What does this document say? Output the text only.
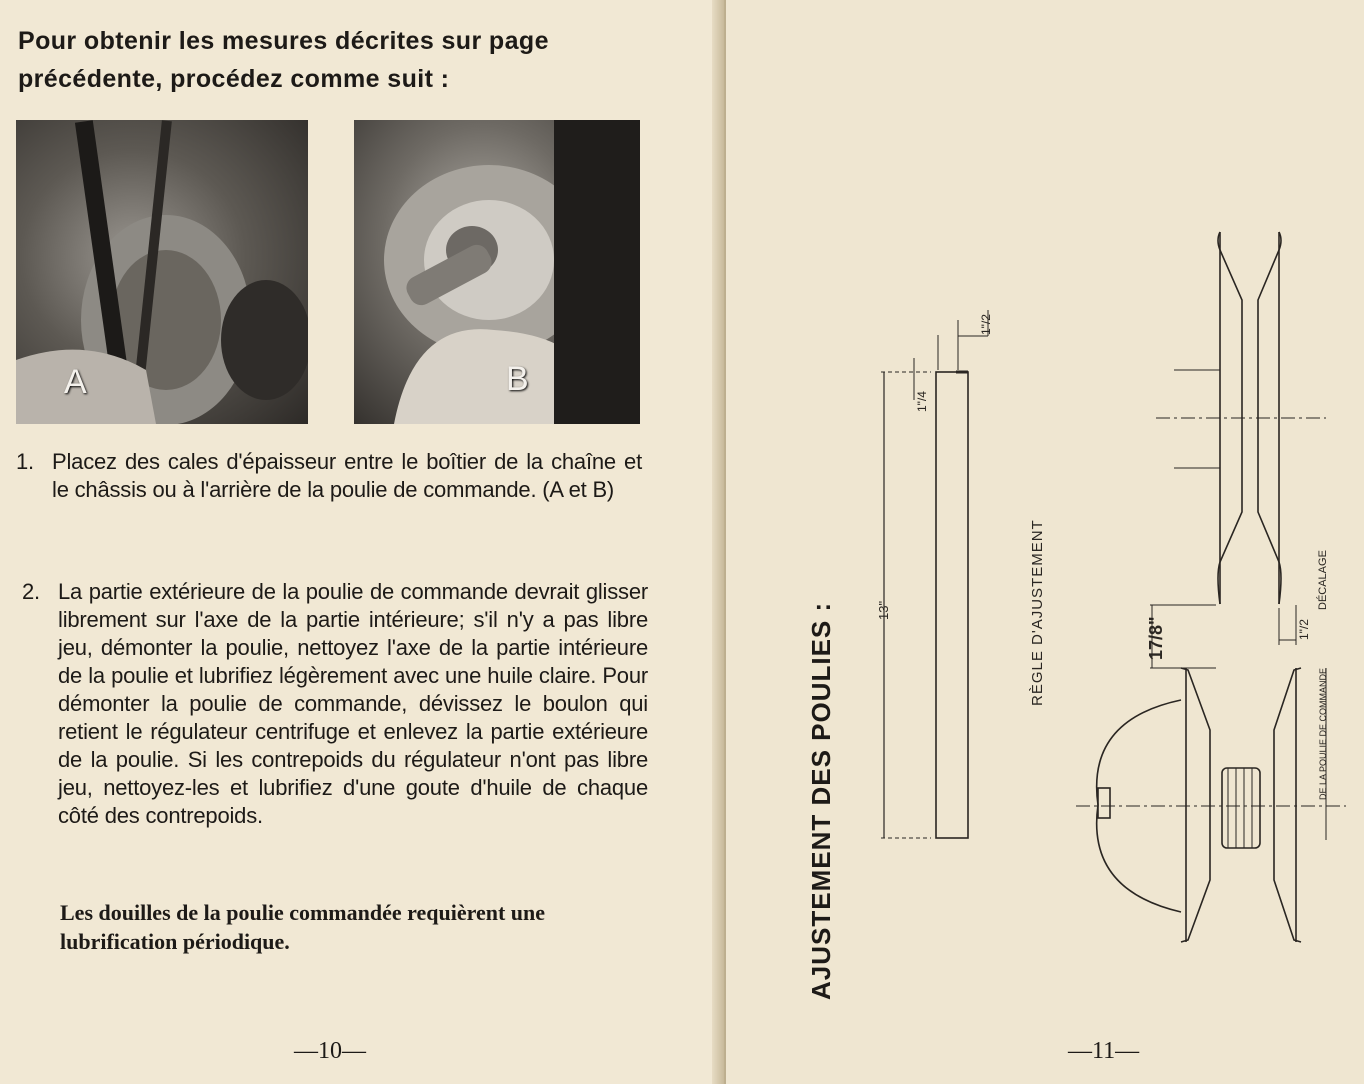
Pour obtenir les mesures décrites sur page précédente, procédez comme suit :

A	B
1. Placez des cales d'épaisseur entre le boîtier de la chaîne et le châssis ou à l'arrière de la poulie de commande. (A et B)
2. La partie extérieure de la poulie de commande devrait glisser librement sur l'axe de la partie intérieure; s'il n'y a pas libre jeu, démonter la poulie, nettoyez l'axe de la partie intérieure de la poulie et lubrifiez légèrement avec une huile claire. Pour démonter la poulie de commande, dévissez le boulon qui retient le régulateur centrifuge et enlevez la partie extérieure de la poulie. Si les contrepoids du régulateur n'ont pas libre jeu, nettoyez-les et lubrifiez d'une goute d'huile de chaque côté des contrepoids.
Les douilles de la poulie commandée requièrent une lubrification périodique.
—10—
AJUSTEMENT DES POULIES :
1"/2
1"/4
13"
17/8"	1"/2
RÈGLE D'AJUSTEMENT	DÉCALAGE
DE LA POULIE DE COMMANDE
—11—
